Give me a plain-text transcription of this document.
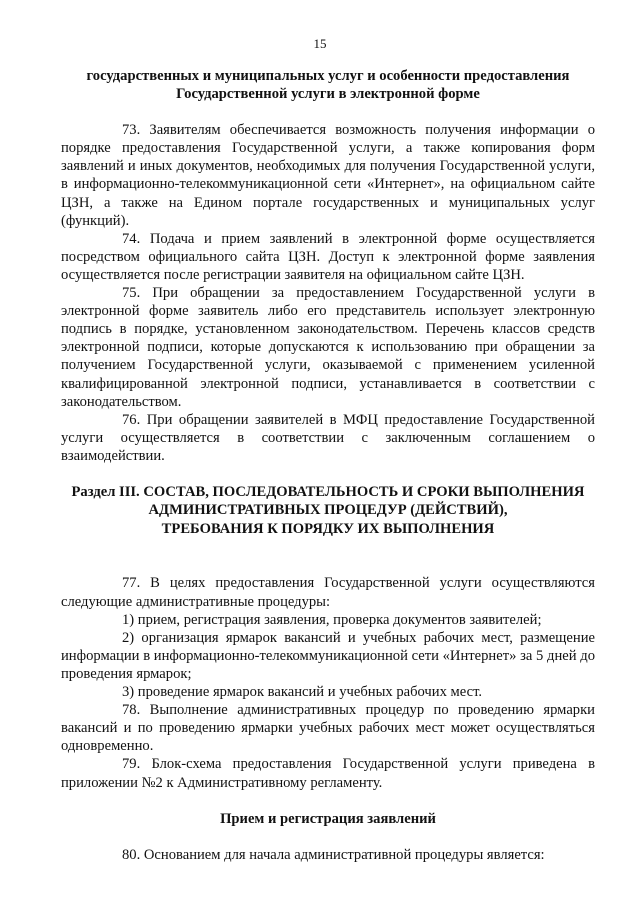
15
государственных и муниципальных услуг и особенности предоставления
Государственной услуги в электронной форме

73. Заявителям обеспечивается возможность получения информации о порядке предоставления Государственной услуги, а также копирования форм заявлений и иных документов, необходимых для получения Государственной услуги, в информационно-телекоммуникационной сети «Интернет», на официальном сайте ЦЗН, а также на Едином портале государственных и муниципальных услуг (функций).

74. Подача и прием заявлений в электронной форме осуществляется посредством официального сайта ЦЗН. Доступ к электронной форме заявления осуществляется после регистрации заявителя на официальном сайте ЦЗН.

75. При обращении за предоставлением Государственной услуги в электронной форме заявитель либо его представитель использует электронную подпись в порядке, установленном законодательством. Перечень классов средств электронной подписи, которые допускаются к использованию при обращении за получением Государственной услуги, оказываемой с применением усиленной квалифицированной электронной подписи, устанавливается в соответствии с законодательством.

76. При обращении заявителей в МФЦ предоставление Государственной услуги осуществляется в соответствии с заключенным соглашением о взаимодействии.

Раздел III. СОСТАВ, ПОСЛЕДОВАТЕЛЬНОСТЬ И СРОКИ ВЫПОЛНЕНИЯ
АДМИНИСТРАТИВНЫХ ПРОЦЕДУР (ДЕЙСТВИЙ),
ТРЕБОВАНИЯ К ПОРЯДКУ ИХ ВЫПОЛНЕНИЯ

77. В целях предоставления Государственной услуги осуществляются следующие административные процедуры:

1) прием, регистрация заявления, проверка документов заявителей;

2) организация ярмарок вакансий и учебных рабочих мест, размещение информации в информационно-телекоммуникационной сети «Интернет» за 5 дней до проведения ярмарок;

3) проведение ярмарок вакансий и учебных рабочих мест.

78. Выполнение административных процедур по проведению ярмарки вакансий и по проведению ярмарки учебных рабочих мест может осуществляться одновременно.

79. Блок-схема предоставления Государственной услуги приведена в приложении №2 к Административному регламенту.

Прием и регистрация заявлений

80. Основанием для начала административной процедуры является:
